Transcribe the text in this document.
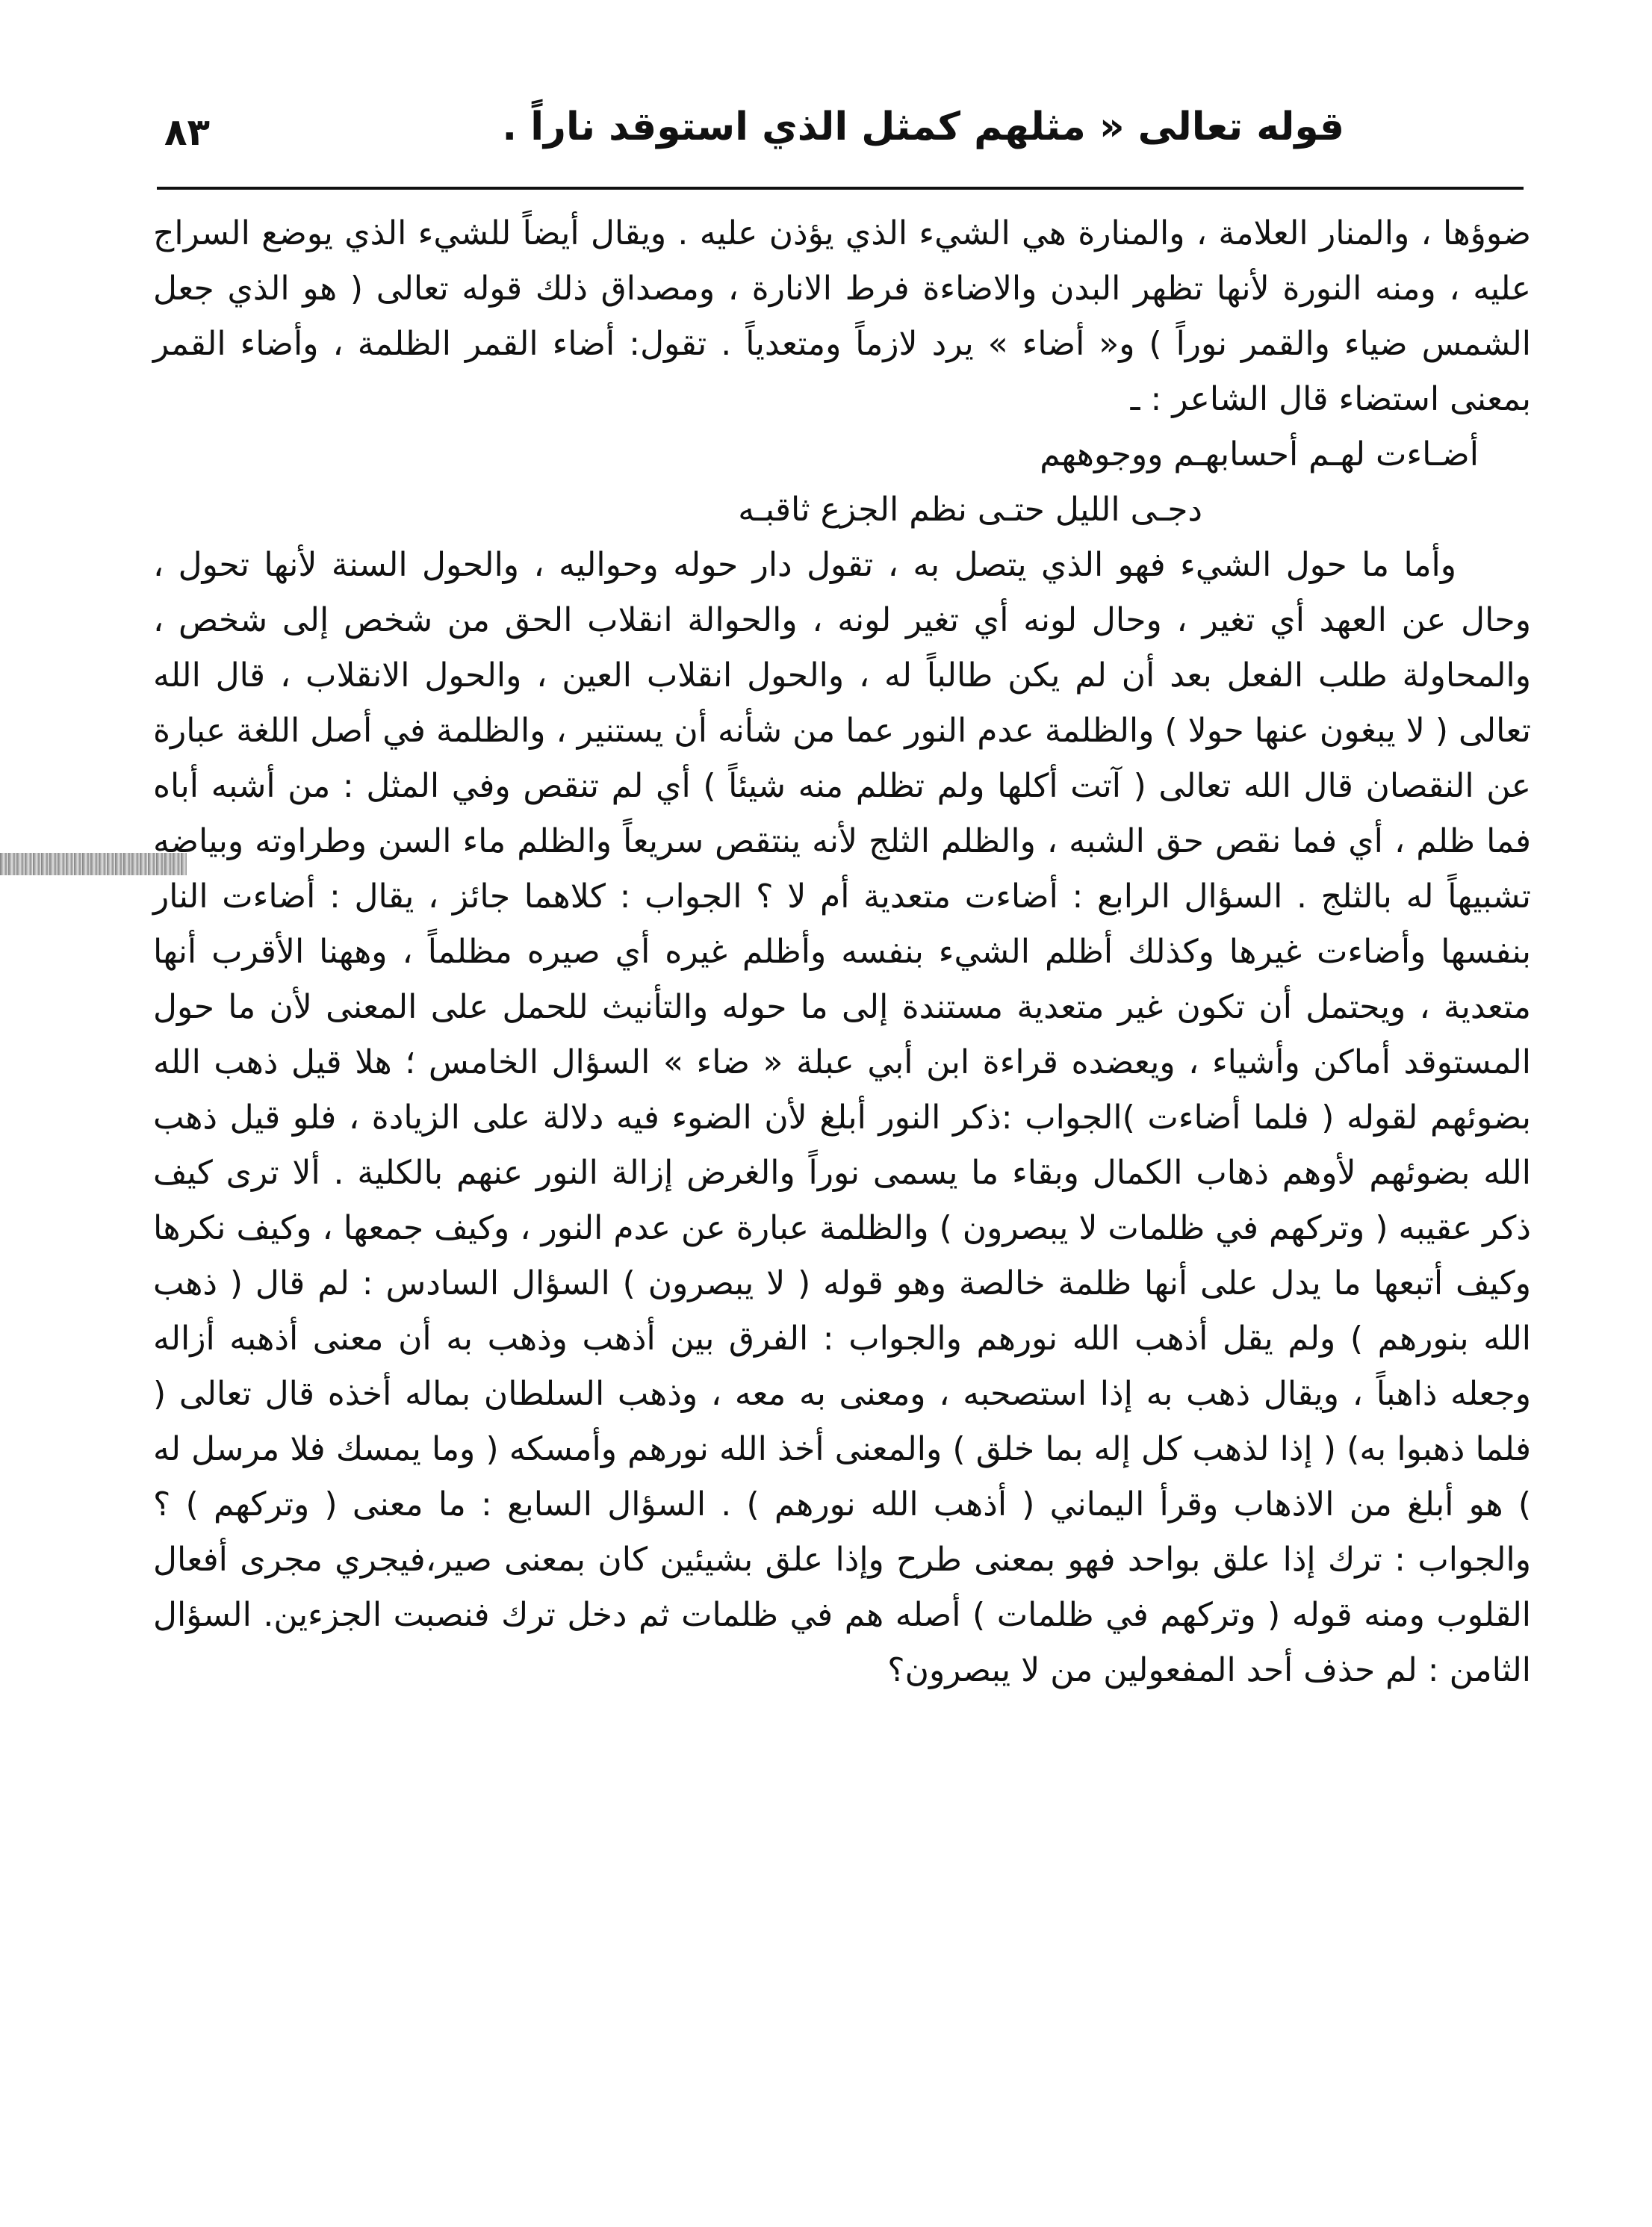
قوله تعالى « مثلهم كمثل الذي استوقد ناراً .
٨٣

ضوؤها ، والمنار العلامة ، والمنارة هي الشيء الذي يؤذن عليه . ويقال أيضاً للشيء الذي يوضع السراج عليه ، ومنه النورة لأنها تظهر البدن والاضاءة فرط الانارة ، ومصداق ذلك قوله تعالى ( هو الذي جعل الشمس ضياء والقمر نوراً ) و« أضاء » يرد لازماً ومتعدياً . تقول: أضاء القمر الظلمة ، وأضاء القمر بمعنى استضاء قال الشاعر : ـ

أضـاءت لهـم أحسابهـم ووجوههم
دجـى الليل حتـى نظم الجزع ثاقبـه

وأما ما حول الشيء فهو الذي يتصل به ، تقول دار حوله وحواليه ، والحول السنة لأنها تحول ، وحال عن العهد أي تغير ، وحال لونه أي تغير لونه ، والحوالة انقلاب الحق من شخص إلى شخص ، والمحاولة طلب الفعل بعد أن لم يكن طالباً له ، والحول انقلاب العين ، والحول الانقلاب ، قال الله تعالى ( لا يبغون عنها حولا ) والظلمة عدم النور عما من شأنه أن يستنير ، والظلمة في أصل اللغة عبارة عن النقصان قال الله تعالى ( آتت أكلها ولم تظلم منه شيئاً ) أي لم تنقص وفي المثل : من أشبه أباه فما ظلم ، أي فما نقص حق الشبه ، والظلم الثلج لأنه ينتقص سريعاً والظلم ماء السن وطراوته وبياضه تشبيهاً له بالثلج . السؤال الرابع : أضاءت متعدية أم لا ؟ الجواب : كلاهما جائز ، يقال : أضاءت النار بنفسها وأضاءت غيرها وكذلك أظلم الشيء بنفسه وأظلم غيره أي صيره مظلماً ، وههنا الأقرب أنها متعدية ، ويحتمل أن تكون غير متعدية مستندة إلى ما حوله والتأنيث للحمل على المعنى لأن ما حول المستوقد أماكن وأشياء ، ويعضده قراءة ابن أبي عبلة « ضاء » السؤال الخامس ؛ هلا قيل ذهب الله بضوئهم لقوله ( فلما أضاءت )الجواب :ذكر النور أبلغ لأن الضوء فيه دلالة على الزيادة ، فلو قيل ذهب الله بضوئهم لأوهم ذهاب الكمال وبقاء ما يسمى نوراً والغرض إزالة النور عنهم بالكلية . ألا ترى كيف ذكر عقيبه ( وتركهم في ظلمات لا يبصرون ) والظلمة عبارة عن عدم النور ، وكيف جمعها ، وكيف نكرها وكيف أتبعها ما يدل على أنها ظلمة خالصة وهو قوله ( لا يبصرون ) السؤال السادس : لم قال ( ذهب الله بنورهم ) ولم يقل أذهب الله نورهم والجواب : الفرق بين أذهب وذهب به أن معنى أذهبه أزاله وجعله ذاهباً ، ويقال ذهب به إذا استصحبه ، ومعنى به معه ، وذهب السلطان بماله أخذه قال تعالى ( فلما ذهبوا به) ( إذا لذهب كل إله بما خلق ) والمعنى أخذ الله نورهم وأمسكه ( وما يمسك فلا مرسل له ) هو أبلغ من الاذهاب وقرأ اليماني ( أذهب الله نورهم ) . السؤال السابع : ما معنى ( وتركهم ) ؟ والجواب : ترك إذا علق بواحد فهو بمعنى طرح وإذا علق بشيئين كان بمعنى صير،فيجري مجرى أفعال القلوب ومنه قوله ( وتركهم في ظلمات ) أصله هم في ظلمات ثم دخل ترك فنصبت الجزءين. السؤال الثامن : لم حذف أحد المفعولين من لا يبصرون؟
